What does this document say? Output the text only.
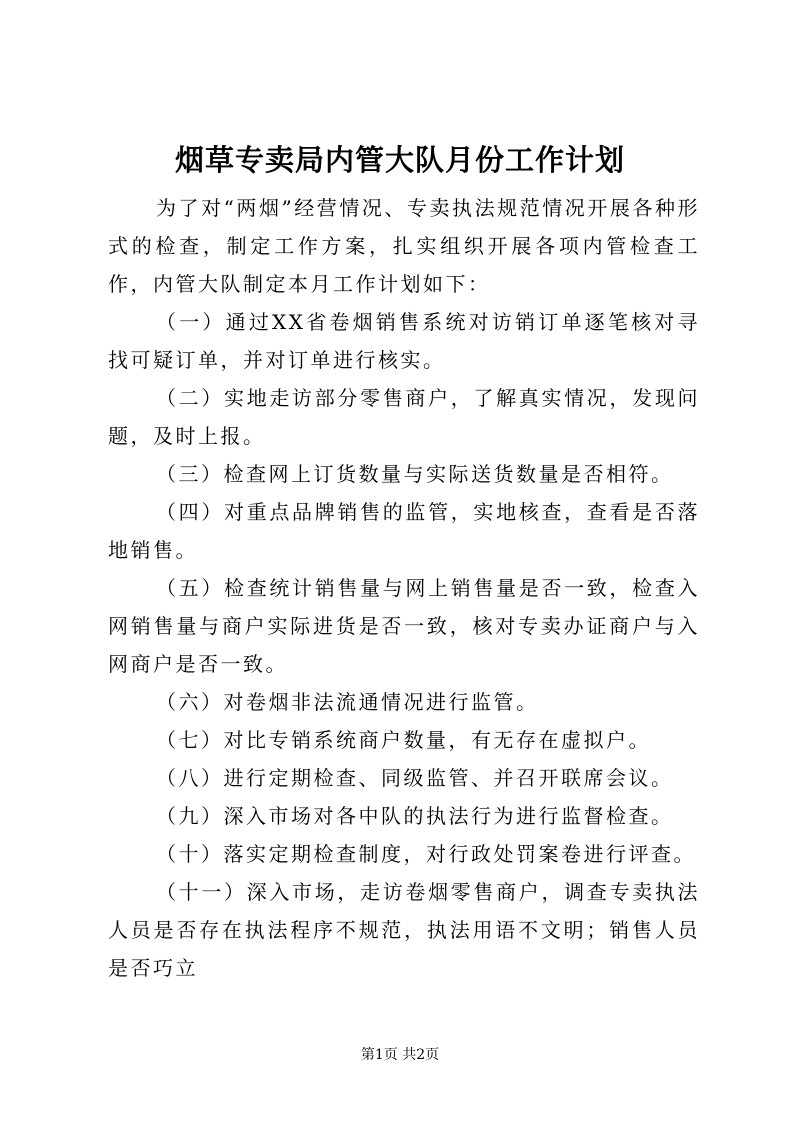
烟草专卖局内管大队月份工作计划

为了对“两烟”经营情况、专卖执法规范情况开展各种形式的检查，制定工作方案，扎实组织开展各项内管检查工作，内管大队制定本月工作计划如下：

（一）通过XX省卷烟销售系统对访销订单逐笔核对寻找可疑订单，并对订单进行核实。

（二）实地走访部分零售商户，了解真实情况，发现问题，及时上报。

（三）检查网上订货数量与实际送货数量是否相符。

（四）对重点品牌销售的监管，实地核查，查看是否落地销售。

（五）检查统计销售量与网上销售量是否一致，检查入网销售量与商户实际进货是否一致，核对专卖办证商户与入网商户是否一致。

（六）对卷烟非法流通情况进行监管。

（七）对比专销系统商户数量，有无存在虚拟户。

（八）进行定期检查、同级监管、并召开联席会议。

（九）深入市场对各中队的执法行为进行监督检查。

（十）落实定期检查制度，对行政处罚案卷进行评查。

（十一）深入市场，走访卷烟零售商户，调查专卖执法人员是否存在执法程序不规范，执法用语不文明；销售人员是否巧立

第1页 共2页
